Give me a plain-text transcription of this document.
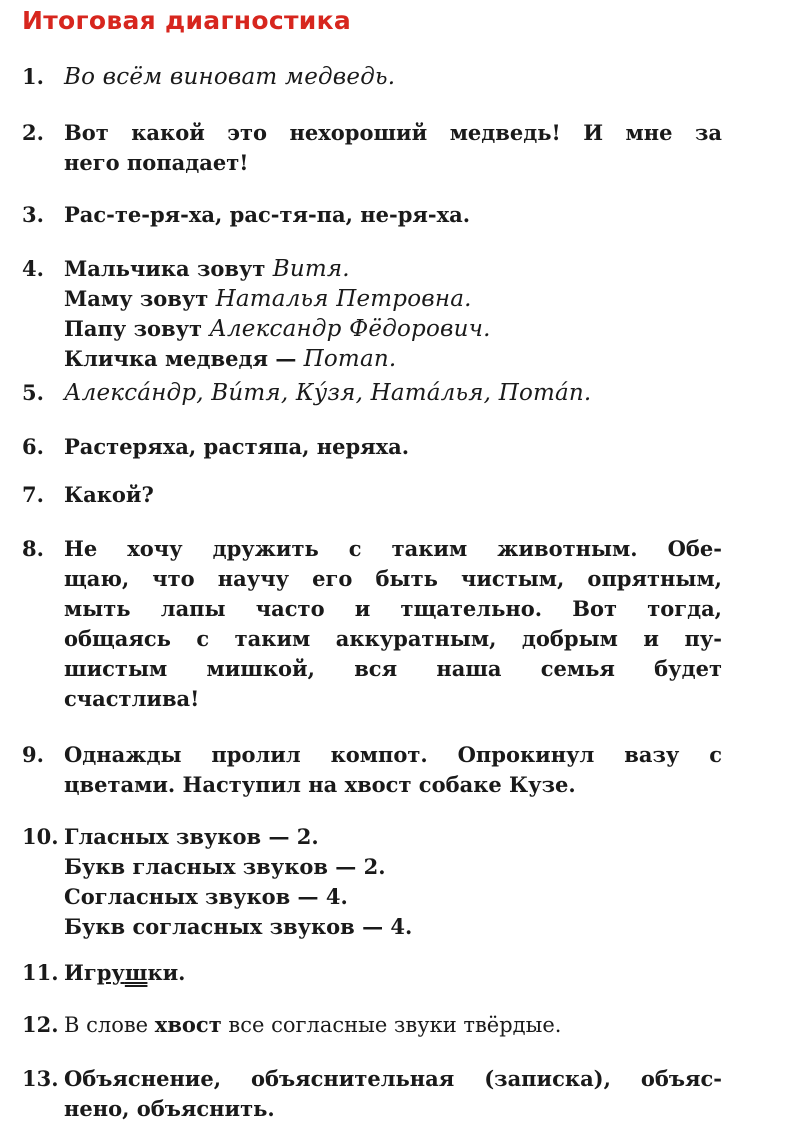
Итоговая диагностика
1. Во всём виноват медведь.
2. Вот какой это нехороший медведь! И мне за
него попадает!
3. Рас-те-ря-ха, рас-тя-па, не-ря-ха.
4. Мальчика зовут Витя.
Маму зовут Наталья Петровна.
Папу зовут Александр Фёдорович.
Кличка медведя — Потап.
5. Алекса́ндр, Ви́тя, Ку́зя, Ната́лья, Пота́п.
6. Растеряха, растяпа, неряха.
7. Какой?
8. Не хочу дружить с таким животным. Обе-
щаю, что научу его быть чистым, опрятным,
мыть лапы часто и тщательно. Вот тогда,
общаясь с таким аккуратным, добрым и пу-
шистым мишкой, вся наша семья будет
счастлива!
9. Однажды пролил компот. Опрокинул вазу с
цветами. Наступил на хвост собаке Кузе.
10. Гласных звуков — 2.
Букв гласных звуков — 2.
Согласных звуков — 4.
Букв согласных звуков — 4.
11. Игрушки.
12. В слове хвост все согласные звуки твёрдые.
13. Объяснение, объяснительная (записка), объяс-
нено, объяснить.
